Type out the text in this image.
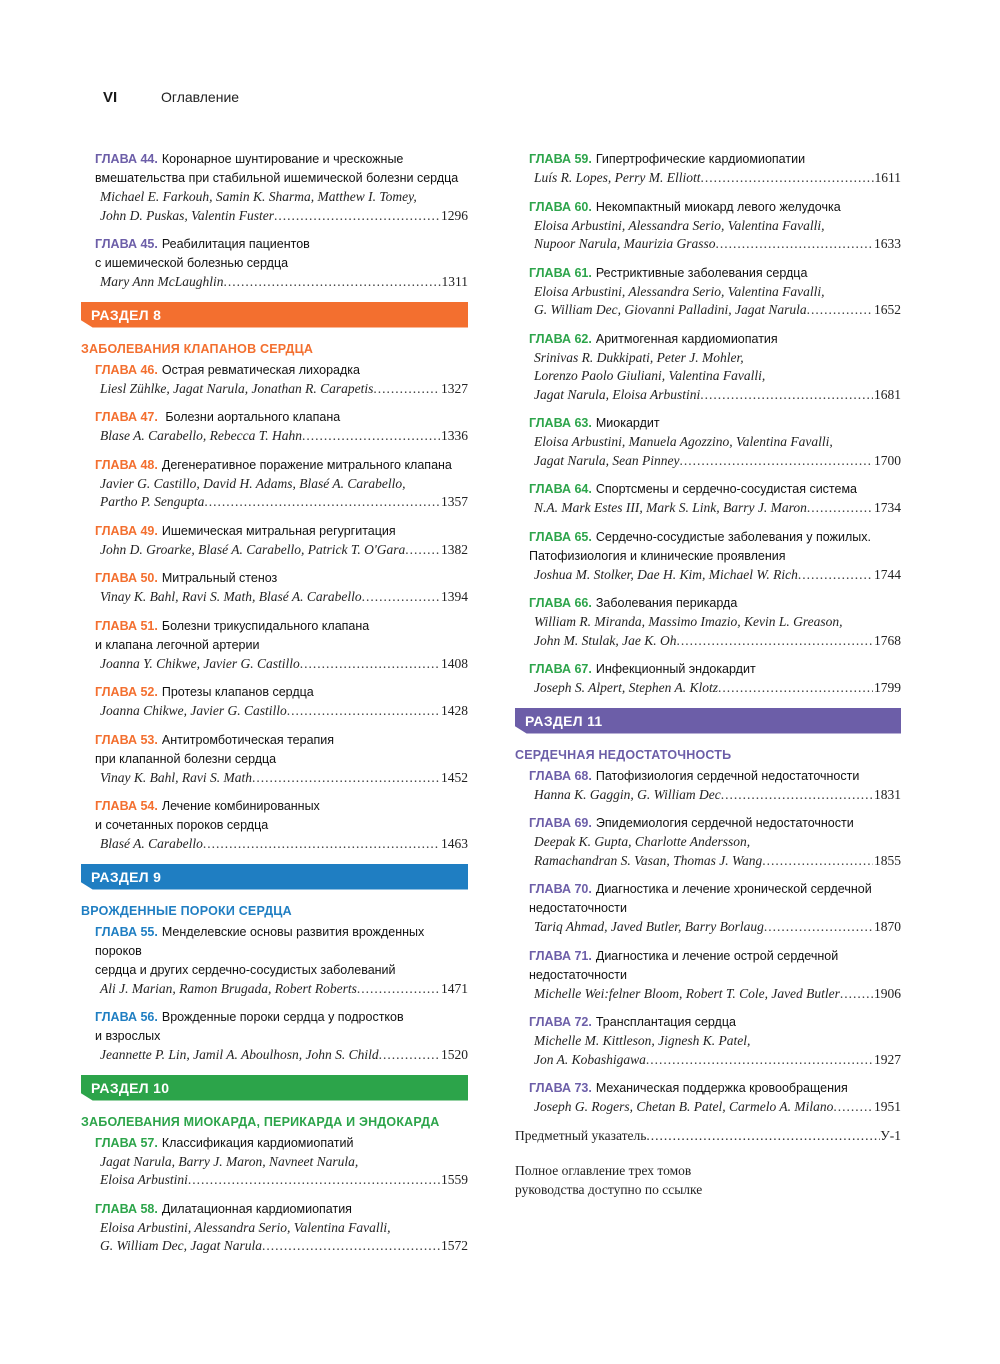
VI	Оглавление
ГЛАВА 44. Коронарное шунтирование и чрескожные
вмешательства при стабильной ишемической болезни сердца
Michael E. Farkouh, Samin K. Sharma, Matthew I. Tomey,
John D. Puskas, Valentin Fuster .....	1296
ГЛАВА 45. Реабилитация пациентов
с ишемической болезнью сердца
Mary Ann McLaughlin .....	1311
РАЗДЕЛ 8
ЗАБОЛЕВАНИЯ КЛАПАНОВ СЕРДЦА
ГЛАВА 46. Острая ревматическая лихорадка
Liesl Zühlke, Jagat Narula, Jonathan R. Carapetis .....	1327
ГЛАВА 47. Болезни аортального клапана
Blase A. Carabello, Rebecca T. Hahn .....	1336
ГЛАВА 48. Дегенеративное поражение митрального клапана
Javier G. Castillo, David H. Adams, Blasé A. Carabello,
Partho P. Sengupta .....	1357
ГЛАВА 49. Ишемическая митральная регургитация
John D. Groarke, Blasé A. Carabello, Patrick T. O'Gara .....	1382
ГЛАВА 50. Митральный стеноз
Vinay K. Bahl, Ravi S. Math, Blasé A. Carabello .....	1394
ГЛАВА 51. Болезни трикуспидального клапана
и клапана легочной артерии
Joanna Y. Chikwe, Javier G. Castillo .....	1408
ГЛАВА 52. Протезы клапанов сердца
Joanna Chikwe, Javier G. Castillo .....	1428
ГЛАВА 53. Антитромботическая терапия
при клапанной болезни сердца
Vinay K. Bahl, Ravi S. Math .....	1452
ГЛАВА 54. Лечение комбинированных
и сочетанных пороков сердца
Blasé A. Carabello .....	1463
РАЗДЕЛ 9
ВРОЖДЕННЫЕ ПОРОКИ СЕРДЦА
ГЛАВА 55. Менделевские основы развития врожденных пороков
сердца и других сердечно-сосудистых заболеваний
Ali J. Marian, Ramon Brugada, Robert Roberts .....	1471
ГЛАВА 56. Врожденные пороки сердца у подростков
и взрослых
Jeannette P. Lin, Jamil A. Aboulhosn, John S. Child .....	1520
РАЗДЕЛ 10
ЗАБОЛЕВАНИЯ МИОКАРДА, ПЕРИКАРДА И ЭНДОКАРДА
ГЛАВА 57. Классификация кардиомиопатий
Jagat Narula, Barry J. Maron, Navneet Narula,
Eloisa Arbustini .....	1559
ГЛАВА 58. Дилатационная кардиомиопатия
Eloisa Arbustini, Alessandra Serio, Valentina Favalli,
G. William Dec, Jagat Narula .....	1572
ГЛАВА 59. Гипертрофические кардиомиопатии
Luís R. Lopes, Perry M. Elliott .....	1611
ГЛАВА 60. Некомпактный миокард левого желудочка
Eloisa Arbustini, Alessandra Serio, Valentina Favalli,
Nupoor Narula, Maurizia Grasso .....	1633
ГЛАВА 61. Рестриктивные заболевания сердца
Eloisa Arbustini, Alessandra Serio, Valentina Favalli,
G. William Dec, Giovanni Palladini, Jagat Narula .....	1652
ГЛАВА 62. Аритмогенная кардиомиопатия
Srinivas R. Dukkipati, Peter J. Mohler,
Lorenzo Paolo Giuliani, Valentina Favalli,
Jagat Narula, Eloisa Arbustini .....	1681
ГЛАВА 63. Миокардит
Eloisa Arbustini, Manuela Agozzino, Valentina Favalli,
Jagat Narula, Sean Pinney .....	1700
ГЛАВА 64. Спортсмены и сердечно-сосудистая система
N.A. Mark Estes III, Mark S. Link, Barry J. Maron .....	1734
ГЛАВА 65. Сердечно-сосудистые заболевания у пожилых.
Патофизиология и клинические проявления
Joshua M. Stolker, Dae H. Kim, Michael W. Rich .....	1744
ГЛАВА 66. Заболевания перикарда
William R. Miranda, Massimo Imazio, Kevin L. Greason,
John M. Stulak, Jae K. Oh .....	1768
ГЛАВА 67. Инфекционный эндокардит
Joseph S. Alpert, Stephen A. Klotz .....	1799
РАЗДЕЛ 11
СЕРДЕЧНАЯ НЕДОСТАТОЧНОСТЬ
ГЛАВА 68. Патофизиология сердечной недостаточности
Hanna K. Gaggin, G. William Dec .....	1831
ГЛАВА 69. Эпидемиология сердечной недостаточности
Deepak K. Gupta, Charlotte Andersson,
Ramachandran S. Vasan, Thomas J. Wang .....	1855
ГЛАВА 70. Диагностика и лечение хронической сердечной
недостаточности
Tariq Ahmad, Javed Butler, Barry Borlaug .....	1870
ГЛАВА 71. Диагностика и лечение острой сердечной
недостаточности
Michelle Wei:felner Bloom, Robert T. Cole, Javed Butler .....	1906
ГЛАВА 72. Трансплантация сердца
Michelle M. Kittleson, Jignesh K. Patel,
Jon A. Kobashigawa .....	1927
ГЛАВА 73. Механическая поддержка кровообращения
Joseph G. Rogers, Chetan B. Patel, Carmelo A. Milano .....	1951
Предметный указатель .....	У-1
Полное оглавление трех томов
руководства доступно по ссылке
